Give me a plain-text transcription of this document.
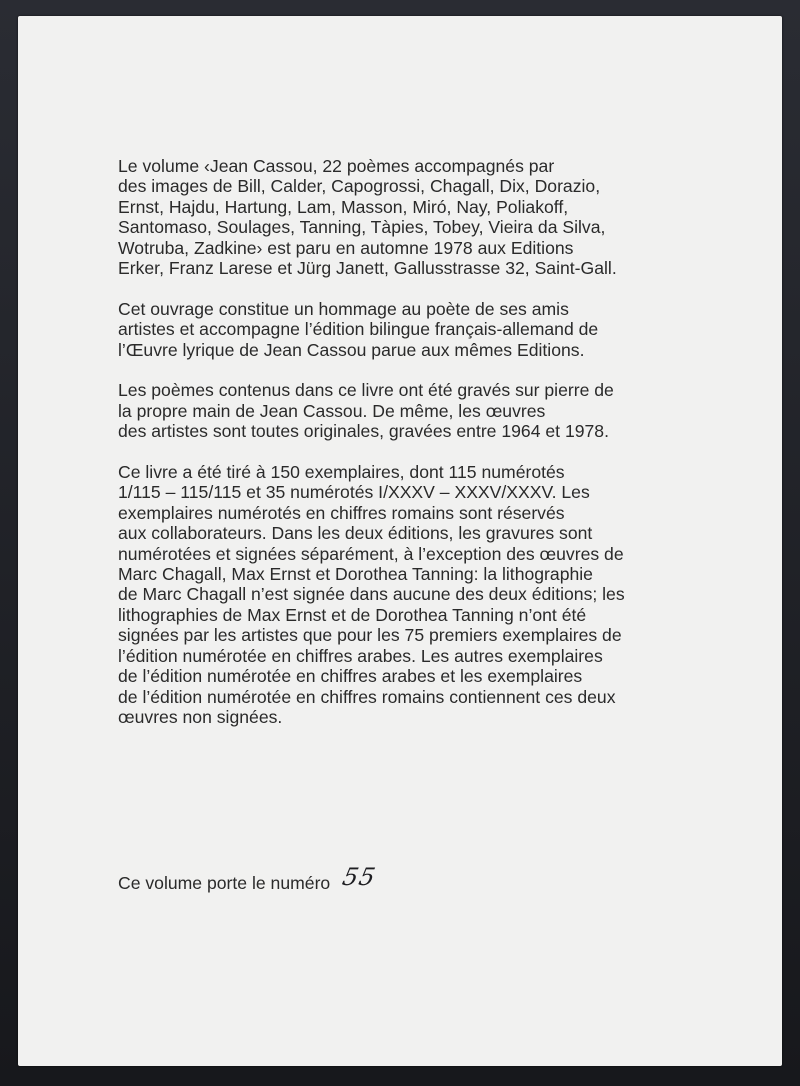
Le volume ‹Jean Cassou, 22 poèmes accompagnés par
des images de Bill, Calder, Capogrossi, Chagall, Dix, Dorazio,
Ernst, Hajdu, Hartung, Lam, Masson, Miró, Nay, Poliakoff,
Santomaso, Soulages, Tanning, Tàpies, Tobey, Vieira da Silva,
Wotruba, Zadkine› est paru en automne 1978 aux Editions
Erker, Franz Larese et Jürg Janett, Gallusstrasse 32, Saint-Gall.

Cet ouvrage constitue un hommage au poète de ses amis
artistes et accompagne l’édition bilingue français-allemand de
l’Œuvre lyrique de Jean Cassou parue aux mêmes Editions.

Les poèmes contenus dans ce livre ont été gravés sur pierre de
la propre main de Jean Cassou. De même, les œuvres
des artistes sont toutes originales, gravées entre 1964 et 1978.

Ce livre a été tiré à 150 exemplaires, dont 115 numérotés
1/115 – 115/115 et 35 numérotés I/XXXV – XXXV/XXXV. Les
exemplaires numérotés en chiffres romains sont réservés
aux collaborateurs. Dans les deux éditions, les gravures sont
numérotées et signées séparément, à l’exception des œuvres de
Marc Chagall, Max Ernst et Dorothea Tanning: la lithographie
de Marc Chagall n’est signée dans aucune des deux éditions; les
lithographies de Max Ernst et de Dorothea Tanning n’ont été
signées par les artistes que pour les 75 premiers exemplaires de
l’édition numérotée en chiffres arabes. Les autres exemplaires
de l’édition numérotée en chiffres arabes et les exemplaires
de l’édition numérotée en chiffres romains contiennent ces deux
œuvres non signées.

Ce volume porte le numéro 55
